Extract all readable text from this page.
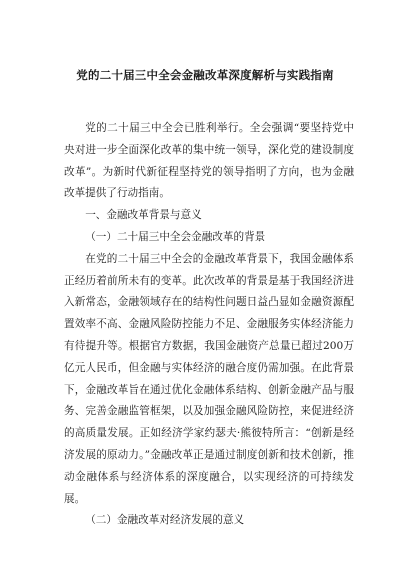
党的二十届三中全会金融改革深度解析与实践指南

党的二十届三中全会已胜利举行。全会强调“要坚持党中央对进一步全面深化改革的集中统一领导，深化党的建设制度改革”。为新时代新征程坚持党的领导指明了方向，也为金融改革提供了行动指南。

一、金融改革背景与意义
（一）二十届三中全会金融改革的背景

在党的二十届三中全会的金融改革背景下，我国金融体系正经历着前所未有的变革。此次改革的背景是基于我国经济进入新常态，金融领域存在的结构性问题日益凸显如金融资源配置效率不高、金融风险防控能力不足、金融服务实体经济能力有待提升等。根据官方数据，我国金融资产总量已超过200万亿元人民币，但金融与实体经济的融合度仍需加强。在此背景下，金融改革旨在通过优化金融体系结构、创新金融产品与服务、完善金融监管框架，以及加强金融风险防控，来促进经济的高质量发展。正如经济学家约瑟夫·熊彼特所言：“创新是经济发展的原动力。”金融改革正是通过制度创新和技术创新，推动金融体系与经济体系的深度融合，以实现经济的可持续发展。

（二）金融改革对经济发展的意义
